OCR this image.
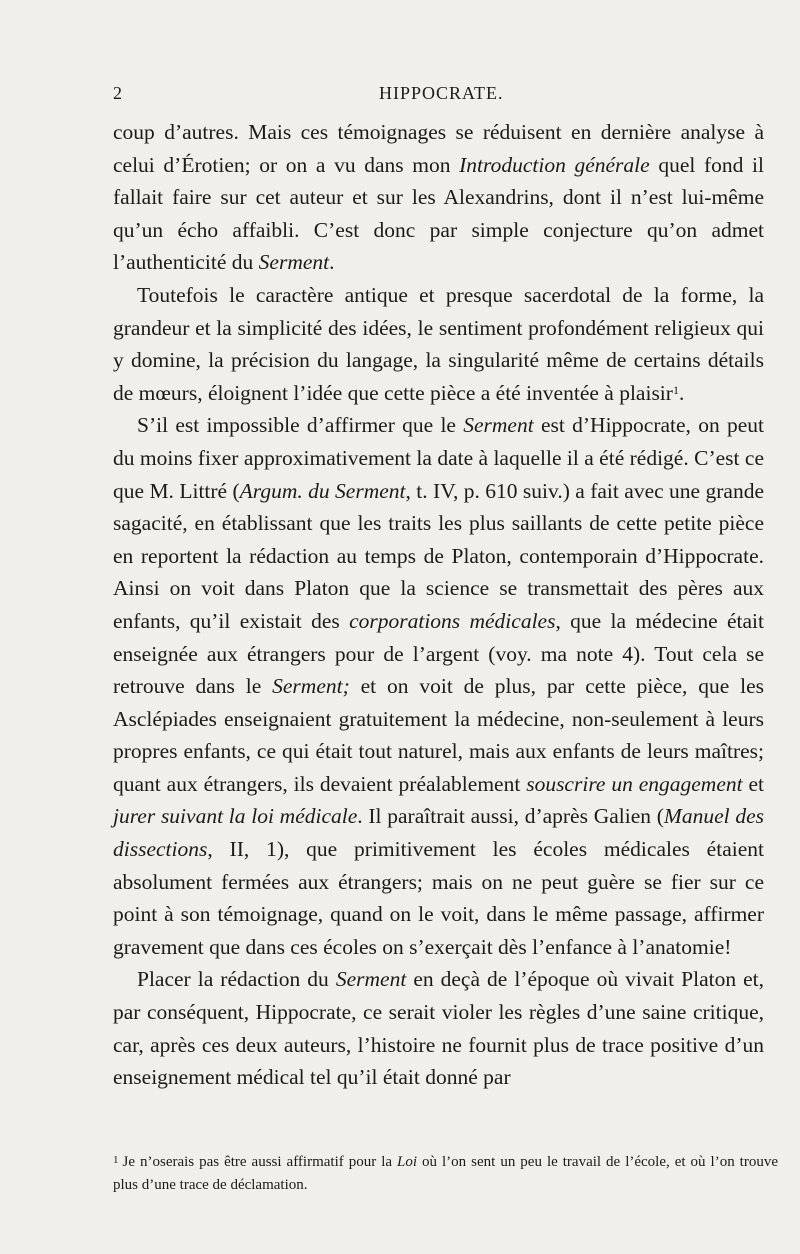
2	HIPPOCRATE.

coup d’autres. Mais ces témoignages se réduisent en dernière analyse à celui d’Érotien; or on a vu dans mon Introduction générale quel fond il fallait faire sur cet auteur et sur les Alexandrins, dont il n’est lui-même qu’un écho affaibli. C’est donc par simple conjecture qu’on admet l’authenticité du Serment.

Toutefois le caractère antique et presque sacerdotal de la forme, la grandeur et la simplicité des idées, le sentiment profondément religieux qui y domine, la précision du langage, la singularité même de certains détails de mœurs, éloignent l’idée que cette pièce a été inventée à plaisir$^1$.

S’il est impossible d’affirmer que le Serment est d’Hippocrate, on peut du moins fixer approximativement la date à laquelle il a été rédigé. C’est ce que M. Littré (Argum. du Serment, t. IV, p. 610 suiv.) a fait avec une grande sagacité, en établissant que les traits les plus saillants de cette petite pièce en reportent la rédaction au temps de Platon, contemporain d’Hippocrate. Ainsi on voit dans Platon que la science se transmettait des pères aux enfants, qu’il existait des corporations médicales, que la médecine était enseignée aux étrangers pour de l’argent (voy. ma note 4). Tout cela se retrouve dans le Serment; et on voit de plus, par cette pièce, que les Asclépiades enseignaient gratuitement la médecine, non-seulement à leurs propres enfants, ce qui était tout naturel, mais aux enfants de leurs maîtres; quant aux étrangers, ils devaient préalablement souscrire un engagement et jurer suivant la loi médicale. Il paraîtrait aussi, d’après Galien (Manuel des dissections, II, 1), que primitivement les écoles médicales étaient absolument fermées aux étrangers; mais on ne peut guère se fier sur ce point à son témoignage, quand on le voit, dans le même passage, affirmer gravement que dans ces écoles on s’exerçait dès l’enfance à l’anatomie!

Placer la rédaction du Serment en deçà de l’époque où vivait Platon et, par conséquent, Hippocrate, ce serait violer les règles d’une saine critique, car, après ces deux auteurs, l’histoire ne fournit plus de trace positive d’un enseignement médical tel qu’il était donné par

$^1$ Je n’oserais pas être aussi affirmatif pour la Loi où l’on sent un peu le travail de l’école, et où l’on trouve plus d’une trace de déclamation.
